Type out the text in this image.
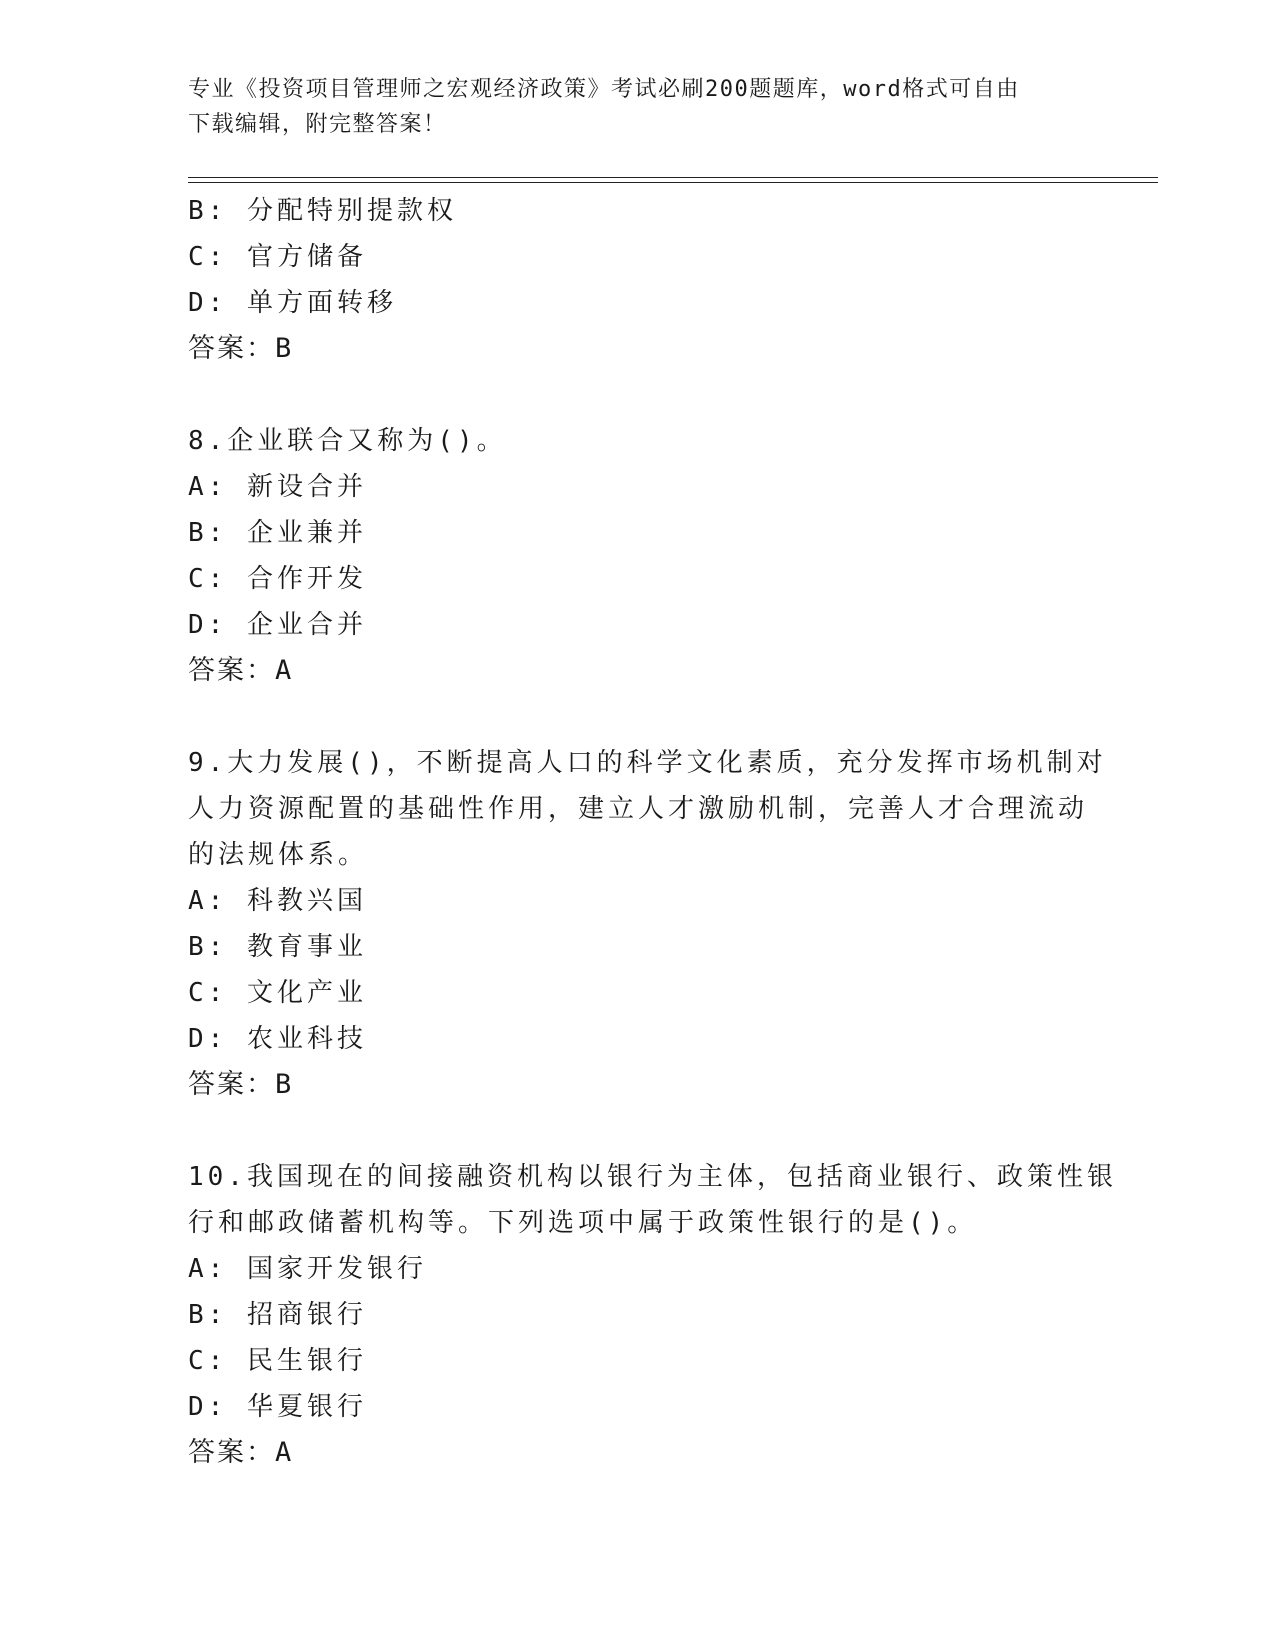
专业《投资项目管理师之宏观经济政策》考试必刷200题题库，word格式可自由

下载编辑，附完整答案！

B: 分配特别提款权
C: 官方储备
D: 单方面转移
答案：B
8.企业联合又称为()。
A: 新设合并
B: 企业兼并
C: 合作开发
D: 企业合并
答案：A
9.大力发展()，不断提高人口的科学文化素质，充分发挥市场机制对
人力资源配置的基础性作用，建立人才激励机制，完善人才合理流动
的法规体系。
A: 科教兴国
B: 教育事业
C: 文化产业
D: 农业科技
答案：B
10.我国现在的间接融资机构以银行为主体，包括商业银行、政策性银
行和邮政储蓄机构等。下列选项中属于政策性银行的是()。
A: 国家开发银行
B: 招商银行
C: 民生银行
D: 华夏银行
答案：A
